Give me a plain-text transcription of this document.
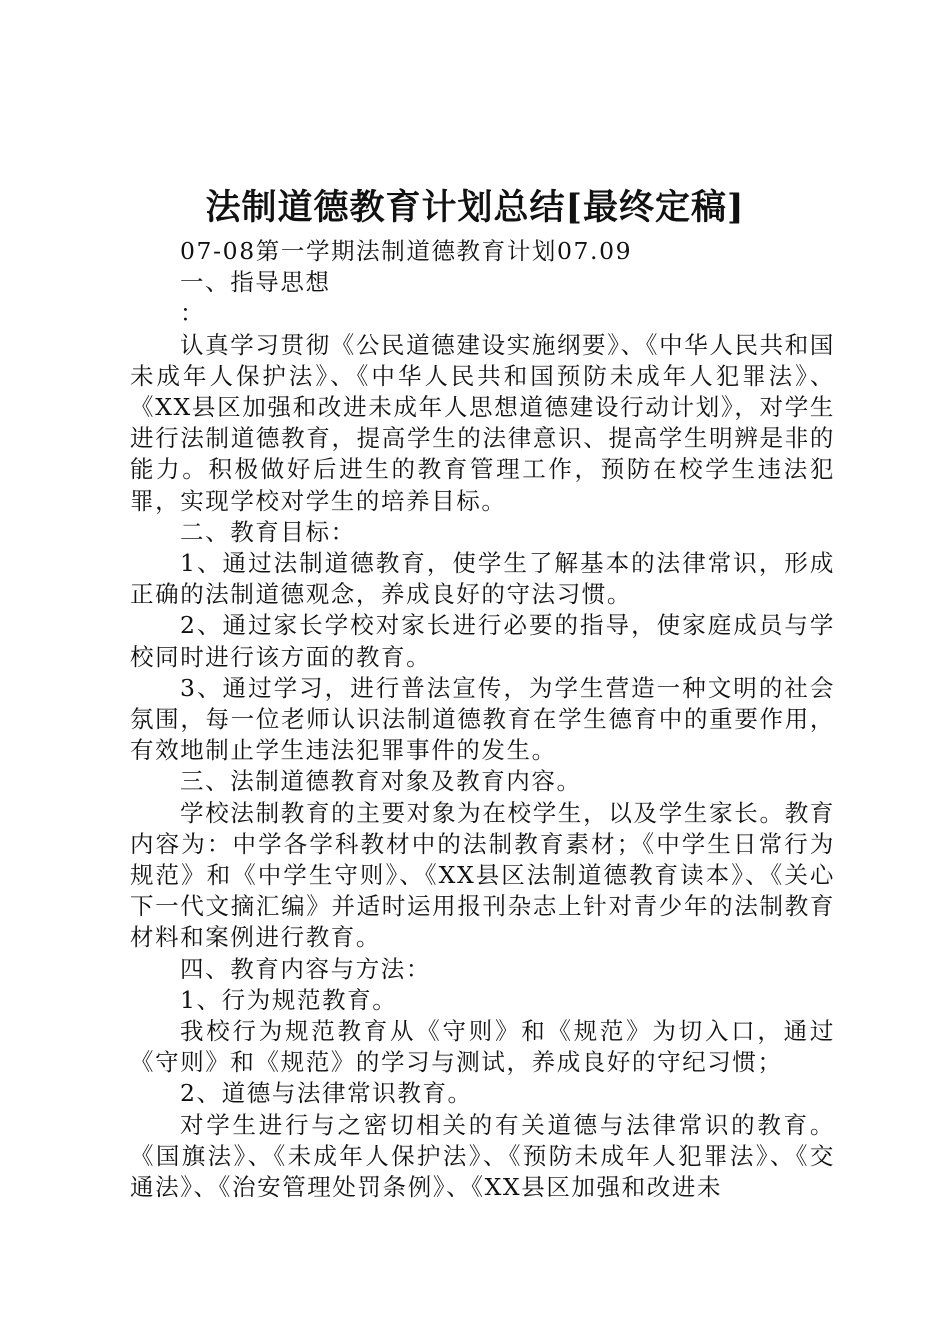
法制道德教育计划总结[最终定稿]

07-08第一学期法制道德教育计划07.09

一、指导思想

：

认真学习贯彻《公民道德建设实施纲要》、《中华人民共和国未成年人保护法》、《中华人民共和国预防未成年人犯罪法》、《XX县区加强和改进未成年人思想道德建设行动计划》，对学生进行法制道德教育，提高学生的法律意识、提高学生明辨是非的能力。积极做好后进生的教育管理工作，预防在校学生违法犯罪，实现学校对学生的培养目标。

二、教育目标：

1、通过法制道德教育，使学生了解基本的法律常识，形成正确的法制道德观念，养成良好的守法习惯。

2、通过家长学校对家长进行必要的指导，使家庭成员与学校同时进行该方面的教育。

3、通过学习，进行普法宣传，为学生营造一种文明的社会氛围，每一位老师认识法制道德教育在学生德育中的重要作用，有效地制止学生违法犯罪事件的发生。

三、法制道德教育对象及教育内容。

学校法制教育的主要对象为在校学生，以及学生家长。教育内容为：中学各学科教材中的法制教育素材；《中学生日常行为规范》和《中学生守则》、《XX县区法制道德教育读本》、《关心下一代文摘汇编》并适时运用报刊杂志上针对青少年的法制教育材料和案例进行教育。

四、教育内容与方法：

1、行为规范教育。

我校行为规范教育从《守则》和《规范》为切入口，通过《守则》和《规范》的学习与测试，养成良好的守纪习惯；

2、道德与法律常识教育。

对学生进行与之密切相关的有关道德与法律常识的教育。《国旗法》、《未成年人保护法》、《预防未成年人犯罪法》、《交通法》、《治安管理处罚条例》、《XX县区加强和改进未
